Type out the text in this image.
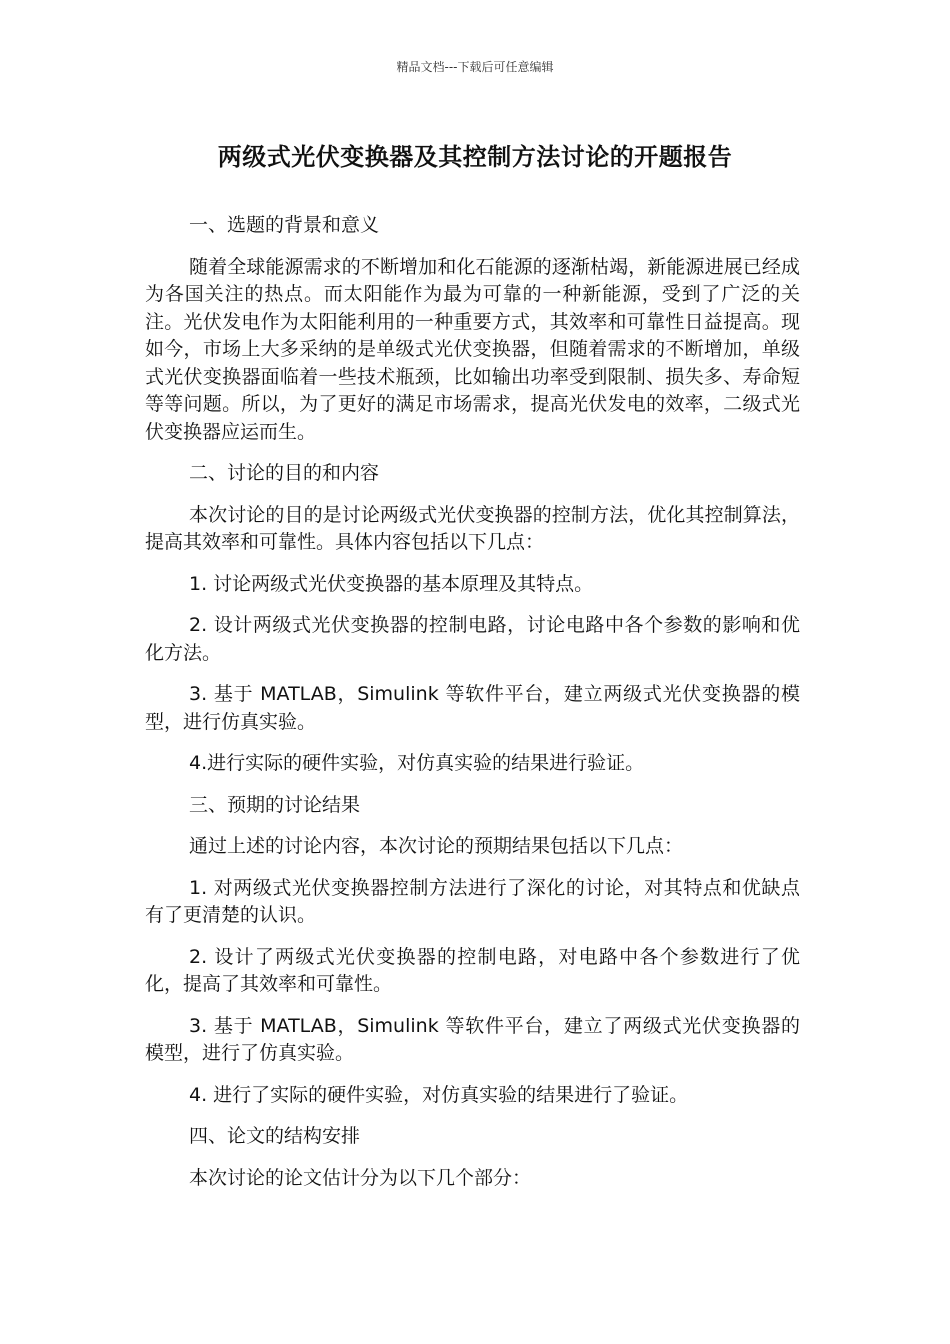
精品文档---下载后可任意编辑
两级式光伏变换器及其控制方法讨论的开题报告

一、选题的背景和意义

随着全球能源需求的不断增加和化石能源的逐渐枯竭，新能源进展已经成为各国关注的热点。而太阳能作为最为可靠的一种新能源，受到了广泛的关注。光伏发电作为太阳能利用的一种重要方式，其效率和可靠性日益提高。现如今，市场上大多采纳的是单级式光伏变换器，但随着需求的不断增加，单级式光伏变换器面临着一些技术瓶颈，比如输出功率受到限制、损失多、寿命短等等问题。所以，为了更好的满足市场需求，提高光伏发电的效率，二级式光伏变换器应运而生。

二、讨论的目的和内容

本次讨论的目的是讨论两级式光伏变换器的控制方法，优化其控制算法，提高其效率和可靠性。具体内容包括以下几点：

1. 讨论两级式光伏变换器的基本原理及其特点。

2. 设计两级式光伏变换器的控制电路，讨论电路中各个参数的影响和优化方法。

3. 基于 MATLAB，Simulink 等软件平台，建立两级式光伏变换器的模型，进行仿真实验。

4.进行实际的硬件实验，对仿真实验的结果进行验证。

三、预期的讨论结果

通过上述的讨论内容，本次讨论的预期结果包括以下几点：

1. 对两级式光伏变换器控制方法进行了深化的讨论，对其特点和优缺点有了更清楚的认识。

2. 设计了两级式光伏变换器的控制电路，对电路中各个参数进行了优化，提高了其效率和可靠性。

3. 基于 MATLAB，Simulink 等软件平台，建立了两级式光伏变换器的模型，进行了仿真实验。

4. 进行了实际的硬件实验，对仿真实验的结果进行了验证。

四、论文的结构安排

本次讨论的论文估计分为以下几个部分：
